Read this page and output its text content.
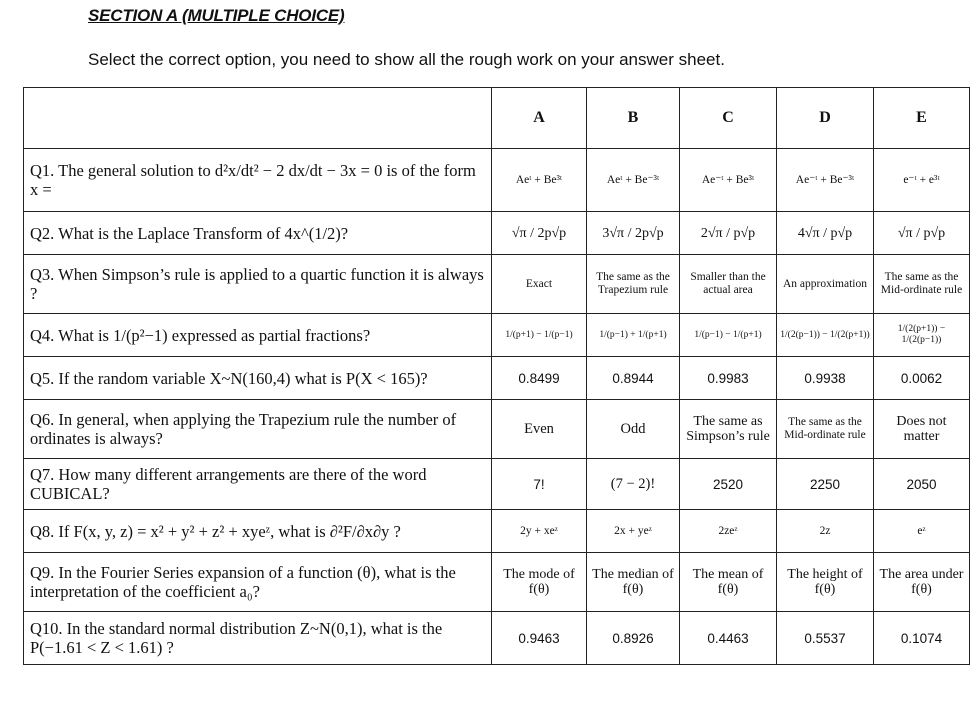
SECTION A (MULTIPLE CHOICE)

Select the correct option, you need to show all the rough work on your answer sheet.

	A	B	C	D	E
Q1. The general solution to d²x/dt² − 2 dx/dt − 3x = 0 is of the form x =	Aeᵗ + Be³ᵗ	Aeᵗ + Be⁻³ᵗ	Ae⁻ᵗ + Be³ᵗ	Ae⁻ᵗ + Be⁻³ᵗ	e⁻ᵗ + e³ᵗ
Q2. What is the Laplace Transform of 4x^(1/2)?	√π / 2p√p	3√π / 2p√p	2√π / p√p	4√π / p√p	√π / p√p
Q3. When Simpson’s rule is applied to a quartic function it is always ?	Exact	The same as the Trapezium rule	Smaller than the actual area	An approximation	The same as the Mid-ordinate rule
Q4. What is 1/(p²−1) expressed as partial fractions?	1/(p+1) − 1/(p−1)	1/(p−1) + 1/(p+1)	1/(p−1) − 1/(p+1)	1/(2(p−1)) − 1/(2(p+1))	1/(2(p+1)) − 1/(2(p−1))
Q5. If the random variable X~N(160,4) what is P(X < 165)?	0.8499	0.8944	0.9983	0.9938	0.0062
Q6. In general, when applying the Trapezium rule the number of ordinates is always?	Even	Odd	The same as Simpson’s rule	The same as the Mid-ordinate rule	Does not matter
Q7. How many different arrangements are there of the word CUBICAL?	7!	(7 − 2)!	2520	2250	2050
Q8. If F(x, y, z) = x² + y² + z² + xyeᶻ, what is ∂²F/∂x∂y ?	2y + xeᶻ	2x + yeᶻ	2zeᶻ	2z	eᶻ
Q9. In the Fourier Series expansion of a function (θ), what is the interpretation of the coefficient a₀?	The mode of f(θ)	The median of f(θ)	The mean of f(θ)	The height of f(θ)	The area under f(θ)
Q10. In the standard normal distribution Z~N(0,1), what is the P(−1.61 < Z < 1.61) ?	0.9463	0.8926	0.4463	0.5537	0.1074
